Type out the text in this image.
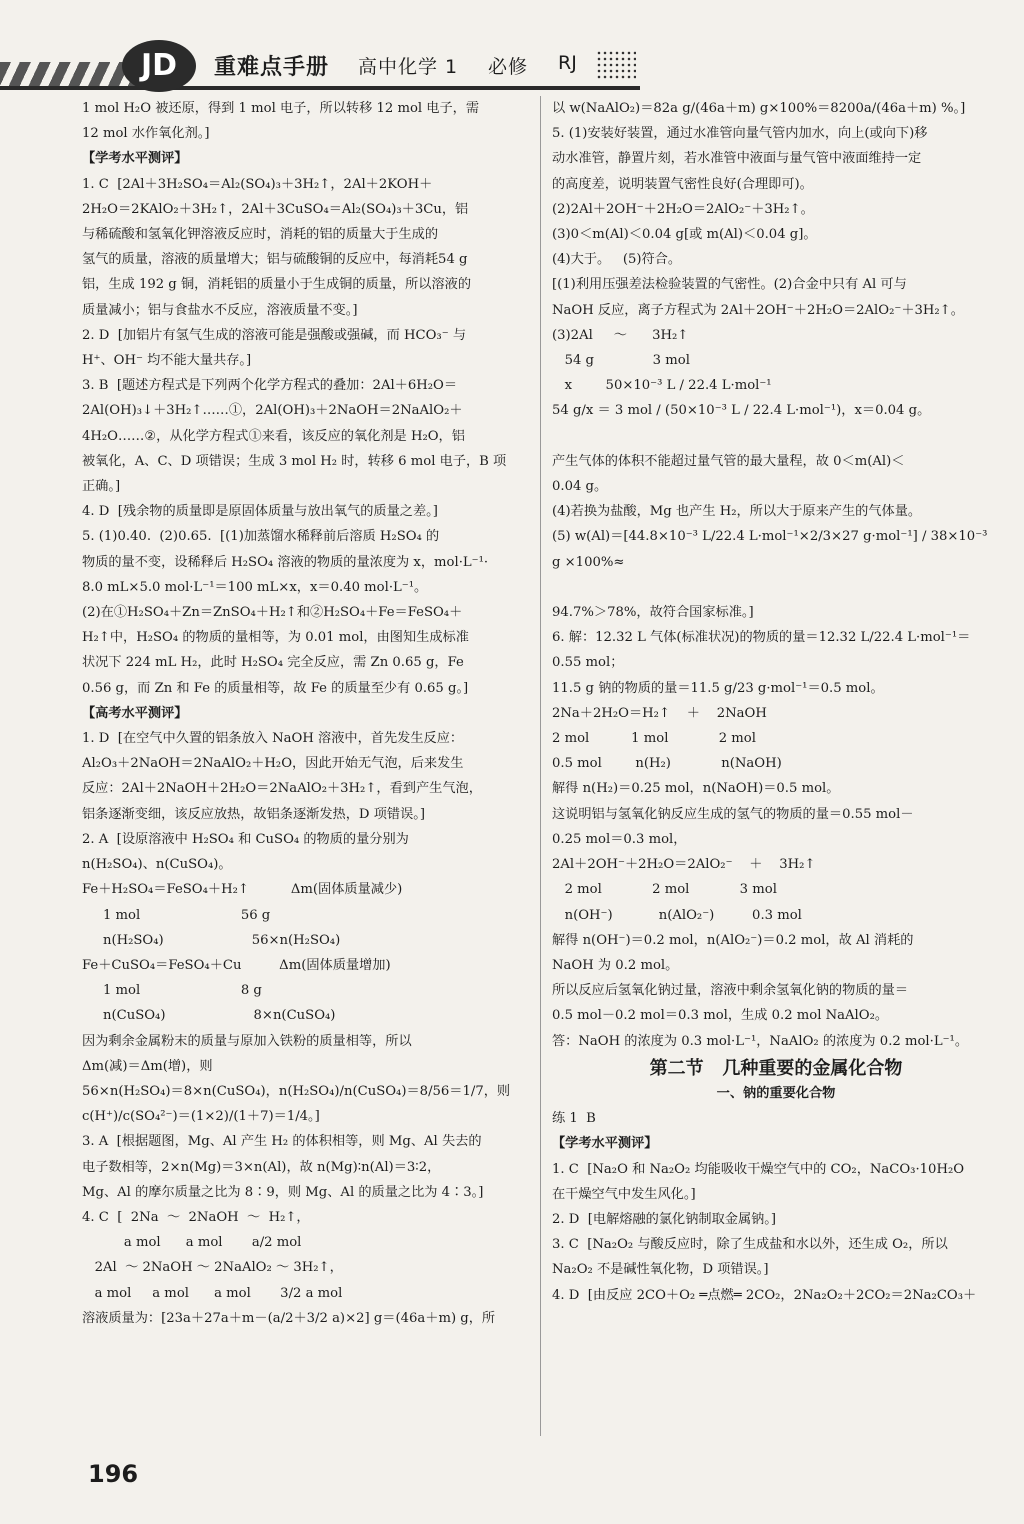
JD	重难点手册 高中化学 1 必修 RJ
1 mol H₂O 被还原，得到 1 mol 电子，所以转移 12 mol 电子，需
12 mol 水作氧化剂。]
【学考水平测评】
1. C  [2Al＋3H₂SO₄＝Al₂(SO₄)₃＋3H₂↑，2Al＋2KOH＋
2H₂O＝2KAlO₂＋3H₂↑，2Al＋3CuSO₄＝Al₂(SO₄)₃＋3Cu，铝
与稀硫酸和氢氧化钾溶液反应时，消耗的铝的质量大于生成的
氢气的质量，溶液的质量增大；铝与硫酸铜的反应中，每消耗54 g
铝，生成 192 g 铜，消耗铝的质量小于生成铜的质量，所以溶液的
质量减小；铝与食盐水不反应，溶液质量不变。]
2. D  [加铝片有氢气生成的溶液可能是强酸或强碱，而 HCO₃⁻ 与
H⁺、OH⁻ 均不能大量共存。]
3. B  [题述方程式是下列两个化学方程式的叠加：2Al＋6H₂O＝
2Al(OH)₃↓＋3H₂↑……①，2Al(OH)₃＋2NaOH＝2NaAlO₂＋
4H₂O……②，从化学方程式①来看，该反应的氧化剂是 H₂O，铝
被氧化，A、C、D 项错误；生成 3 mol H₂ 时，转移 6 mol 电子，B 项
正确。]
4. D  [残余物的质量即是原固体质量与放出氧气的质量之差。]
5. (1)0.40.  (2)0.65.  [(1)加蒸馏水稀释前后溶质 H₂SO₄ 的
物质的量不变，设稀释后 H₂SO₄ 溶液的物质的量浓度为 x，mol·L⁻¹·
8.0 mL×5.0 mol·L⁻¹＝100 mL×x，x＝0.40 mol·L⁻¹。
(2)在①H₂SO₄＋Zn＝ZnSO₄＋H₂↑和②H₂SO₄＋Fe＝FeSO₄＋
H₂↑中，H₂SO₄ 的物质的量相等，为 0.01 mol，由图知生成标准
状况下 224 mL H₂，此时 H₂SO₄ 完全反应，需 Zn 0.65 g，Fe
0.56 g，而 Zn 和 Fe 的质量相等，故 Fe 的质量至少有 0.65 g。]
【高考水平测评】
1. D  [在空气中久置的铝条放入 NaOH 溶液中，首先发生反应：
Al₂O₃＋2NaOH＝2NaAlO₂＋H₂O，因此开始无气泡，后来发生
反应：2Al＋2NaOH＋2H₂O＝2NaAlO₂＋3H₂↑，看到产生气泡，
铝条逐渐变细，该反应放热，故铝条逐渐发热，D 项错误。]
2. A  [设原溶液中 H₂SO₄ 和 CuSO₄ 的物质的量分别为
n(H₂SO₄)、n(CuSO₄)。
Fe＋H₂SO₄＝FeSO₄＋H₂↑          Δm(固体质量减少)
1 mol                        56 g
n(H₂SO₄)                     56×n(H₂SO₄)
Fe＋CuSO₄＝FeSO₄＋Cu         Δm(固体质量增加)
1 mol                        8 g
n(CuSO₄)                     8×n(CuSO₄)
因为剩余金属粉末的质量与原加入铁粉的质量相等，所以
Δm(减)＝Δm(增)，则
56×n(H₂SO₄)＝8×n(CuSO₄)，n(H₂SO₄)/n(CuSO₄)＝8/56＝1/7，则
c(H⁺)/c(SO₄²⁻)＝(1×2)/(1＋7)＝1/4。]
3. A  [根据题图，Mg、Al 产生 H₂ 的体积相等，则 Mg、Al 失去的
电子数相等，2×n(Mg)＝3×n(Al)，故 n(Mg)∶n(Al)＝3∶2，
Mg、Al 的摩尔质量之比为 8∶9，则 Mg、Al 的质量之比为 4∶3。]
4. C  [  2Na  ～  2NaOH  ～  H₂↑，
a mol      a mol       a/2 mol
2Al  ～ 2NaOH ～ 2NaAlO₂ ～ 3H₂↑，
a mol     a mol      a mol       3/2 a mol
溶液质量为：[23a＋27a＋m－(a/2＋3/2 a)×2] g＝(46a＋m) g，所
以 w(NaAlO₂)＝82a g/(46a＋m) g×100%＝8200a/(46a＋m) %。]
5. (1)安装好装置，通过水准管向量气管内加水，向上(或向下)移
动水准管，静置片刻，若水准管中液面与量气管中液面维持一定
的高度差，说明装置气密性良好(合理即可)。
(2)2Al＋2OH⁻＋2H₂O＝2AlO₂⁻＋3H₂↑。
(3)0＜m(Al)＜0.04 g[或 m(Al)＜0.04 g]。
(4)大于。   (5)符合。
[(1)利用压强差法检验装置的气密性。(2)合金中只有 Al 可与
NaOH 反应，离子方程式为 2Al＋2OH⁻＋2H₂O＝2AlO₂⁻＋3H₂↑。
(3)2Al     ～      3H₂↑
54 g              3 mol
x        50×10⁻³ L / 22.4 L·mol⁻¹
54 g/x ＝ 3 mol / (50×10⁻³ L / 22.4 L·mol⁻¹)，x＝0.04 g。

产生气体的体积不能超过量气管的最大量程，故 0＜m(Al)＜
0.04 g。
(4)若换为盐酸，Mg 也产生 H₂，所以大于原来产生的气体量。
(5) w(Al)＝[44.8×10⁻³ L/22.4 L·mol⁻¹×2/3×27 g·mol⁻¹] / 38×10⁻³ g ×100%≈

94.7%＞78%，故符合国家标准。]
6. 解：12.32 L 气体(标准状况)的物质的量＝12.32 L/22.4 L·mol⁻¹＝
0.55 mol；
11.5 g 钠的物质的量＝11.5 g/23 g·mol⁻¹＝0.5 mol。
2Na＋2H₂O＝H₂↑    ＋    2NaOH
2 mol          1 mol            2 mol
0.5 mol        n(H₂)            n(NaOH)
解得 n(H₂)＝0.25 mol，n(NaOH)＝0.5 mol。
这说明铝与氢氧化钠反应生成的氢气的物质的量＝0.55 mol－
0.25 mol＝0.3 mol，
2Al＋2OH⁻＋2H₂O＝2AlO₂⁻    ＋    3H₂↑
2 mol            2 mol            3 mol
n(OH⁻)           n(AlO₂⁻)         0.3 mol
解得 n(OH⁻)＝0.2 mol，n(AlO₂⁻)＝0.2 mol，故 Al 消耗的
NaOH 为 0.2 mol。
所以反应后氢氧化钠过量，溶液中剩余氢氧化钠的物质的量＝
0.5 mol－0.2 mol＝0.3 mol，生成 0.2 mol NaAlO₂。
答：NaOH 的浓度为 0.3 mol·L⁻¹，NaAlO₂ 的浓度为 0.2 mol·L⁻¹。
第二节   几种重要的金属化合物
一、钠的重要化合物
练 1  B
【学考水平测评】
1. C  [Na₂O 和 Na₂O₂ 均能吸收干燥空气中的 CO₂，NaCO₃·10H₂O
在干燥空气中发生风化。]
2. D  [电解熔融的氯化钠制取金属钠。]
3. C  [Na₂O₂ 与酸反应时，除了生成盐和水以外，还生成 O₂，所以
Na₂O₂ 不是碱性氧化物，D 项错误。]
4. D  [由反应 2CO＋O₂ ═点燃═ 2CO₂，2Na₂O₂＋2CO₂＝2Na₂CO₃＋
196
